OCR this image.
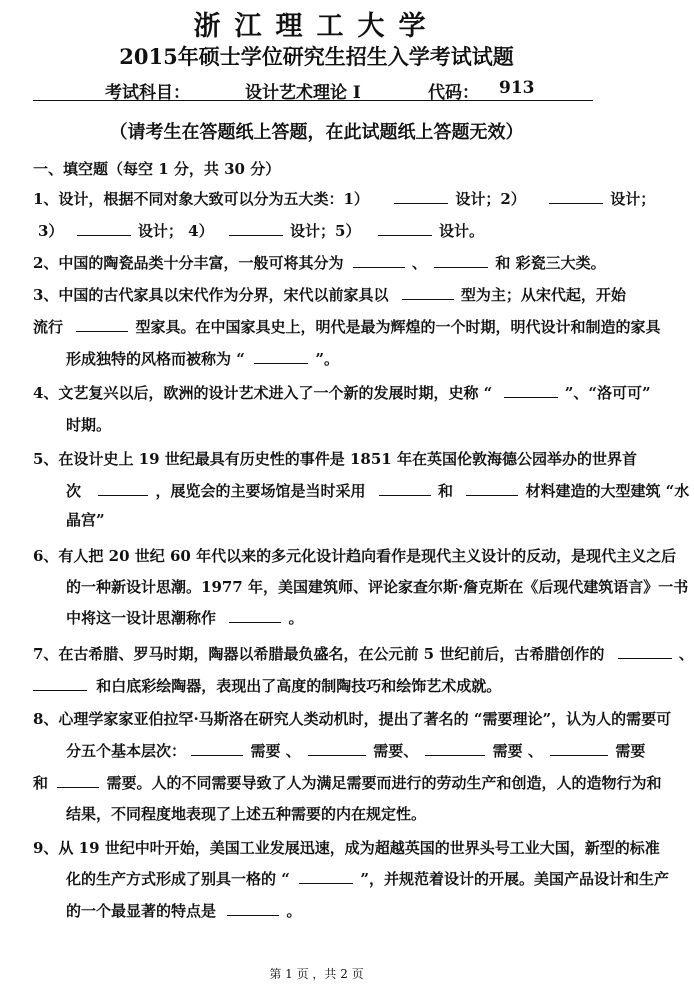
浙江理工大学
2015年硕士学位研究生招生入学考试试题
考试科目：	设计艺术理论 I	代码： 913
（请考生在答题纸上答题，在此试题纸上答题无效）
一、填空题（每空 1 分，共 30 分）
1、设计，根据不同对象大致可以分为五大类：1）	设计；2）	设计；
3）	设计； 4）	设计；5）	设计。
2、中国的陶瓷品类十分丰富，一般可将其分为	、	和 彩瓷三大类。
3、中国的古代家具以宋代作为分界，宋代以前家具以	型为主；从宋代起，开始
流行	型家具。在中国家具史上，明代是最为辉煌的一个时期，明代设计和制造的家具
形成独特的风格而被称为 “	”。
4、文艺复兴以后，欧洲的设计艺术进入了一个新的发展时期，史称 “	”、“洛可可”
时期。
5、在设计史上 19 世纪最具有历史性的事件是 1851 年在英国伦敦海德公园举办的世界首
次	，展览会的主要场馆是当时采用	和	材料建造的大型建筑 “水
晶宫”
6、有人把 20 世纪 60 年代以来的多元化设计趋向看作是现代主义设计的反动，是现代主义之后
的一种新设计思潮。1977 年，美国建筑师、评论家查尔斯·詹克斯在《后现代建筑语言》一书
中将这一设计思潮称作	。
7、在古希腊、罗马时期，陶器以希腊最负盛名，在公元前 5 世纪前后，古希腊创作的	、
和白底彩绘陶器，表现出了高度的制陶技巧和绘饰艺术成就。
8、心理学家家亚伯拉罕·马斯洛在研究人类动机时，提出了著名的 “需要理论”，认为人的需要可
分五个基本层次：	需要 、	需要、	需要 、	需要
和	需要。人的不同需要导致了人为满足需要而进行的劳动生产和创造，人的造物行为和
结果，不同程度地表现了上述五种需要的内在规定性。
9、从 19 世纪中叶开始，美国工业发展迅速，成为超越英国的世界头号工业大国，新型的标准
化的生产方式形成了别具一格的 “	”，并规范着设计的开展。美国产品设计和生产
的一个最显著的特点是	。
第 1 页 ，共 2 页
